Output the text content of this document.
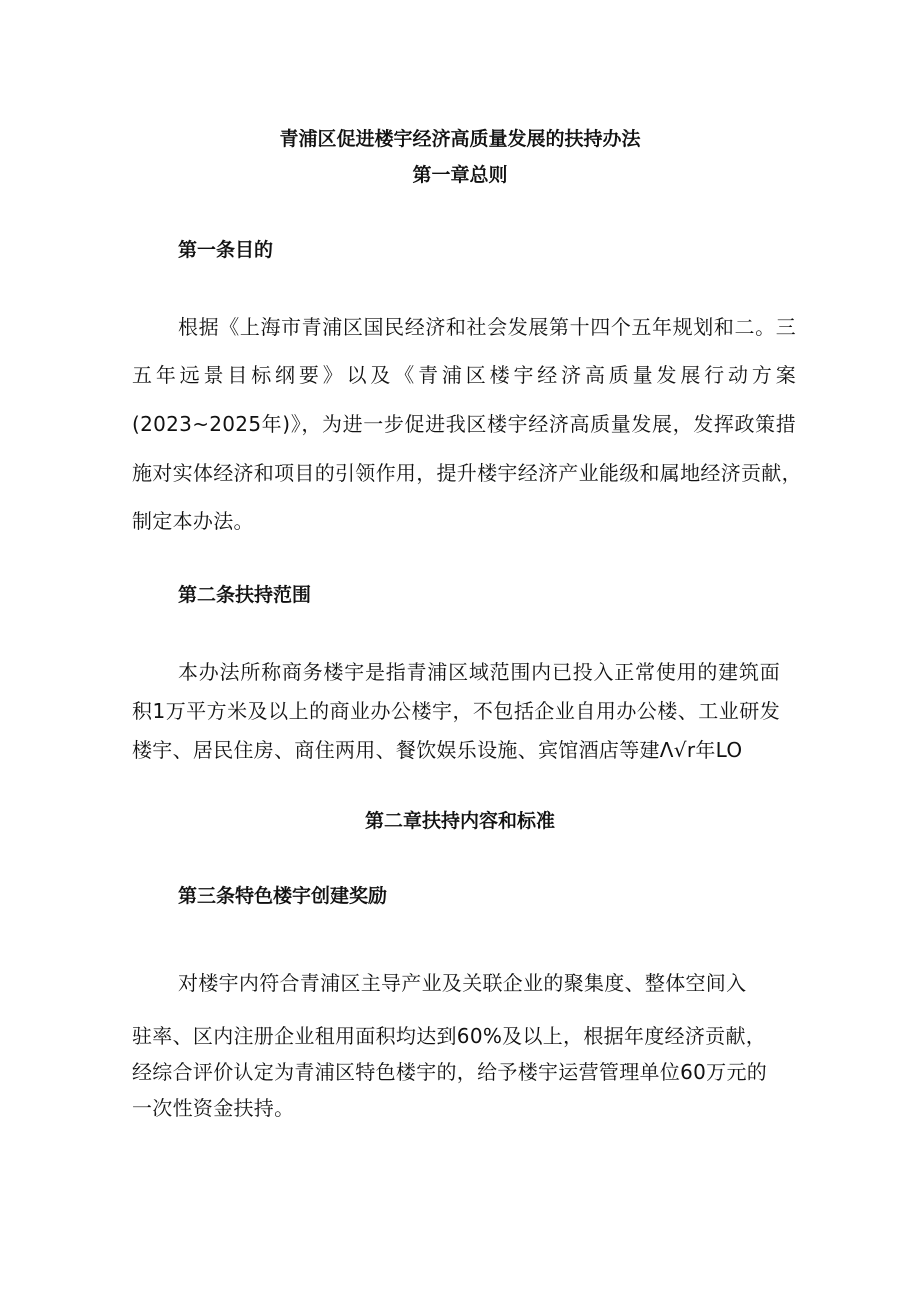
青浦区促进楼宇经济高质量发展的扶持办法
第一章总则
第一条目的

根据《上海市青浦区国民经济和社会发展第十四个五年规划和二。三

五年远景目标纲要》以及《青浦区楼宇经济高质量发展行动方案

(2023~2025年)》，为进一步促进我区楼宇经济高质量发展，发挥政策措

施对实体经济和项目的引领作用，提升楼宇经济产业能级和属地经济贡献，

制定本办法。

第二条扶持范围

本办法所称商务楼宇是指青浦区域范围内已投入正常使用的建筑面

积1万平方米及以上的商业办公楼宇，不包括企业自用办公楼、工业研发

楼宇、居民住房、商住两用、餐饮娱乐设施、宾馆酒店等建Λ√r年LO

第二章扶持内容和标准
第三条特色楼宇创建奖励

对楼宇内符合青浦区主导产业及关联企业的聚集度、整体空间入

驻率、区内注册企业租用面积均达到60%及以上，根据年度经济贡献，

经综合评价认定为青浦区特色楼宇的，给予楼宇运营管理单位60万元的

一次性资金扶持。
